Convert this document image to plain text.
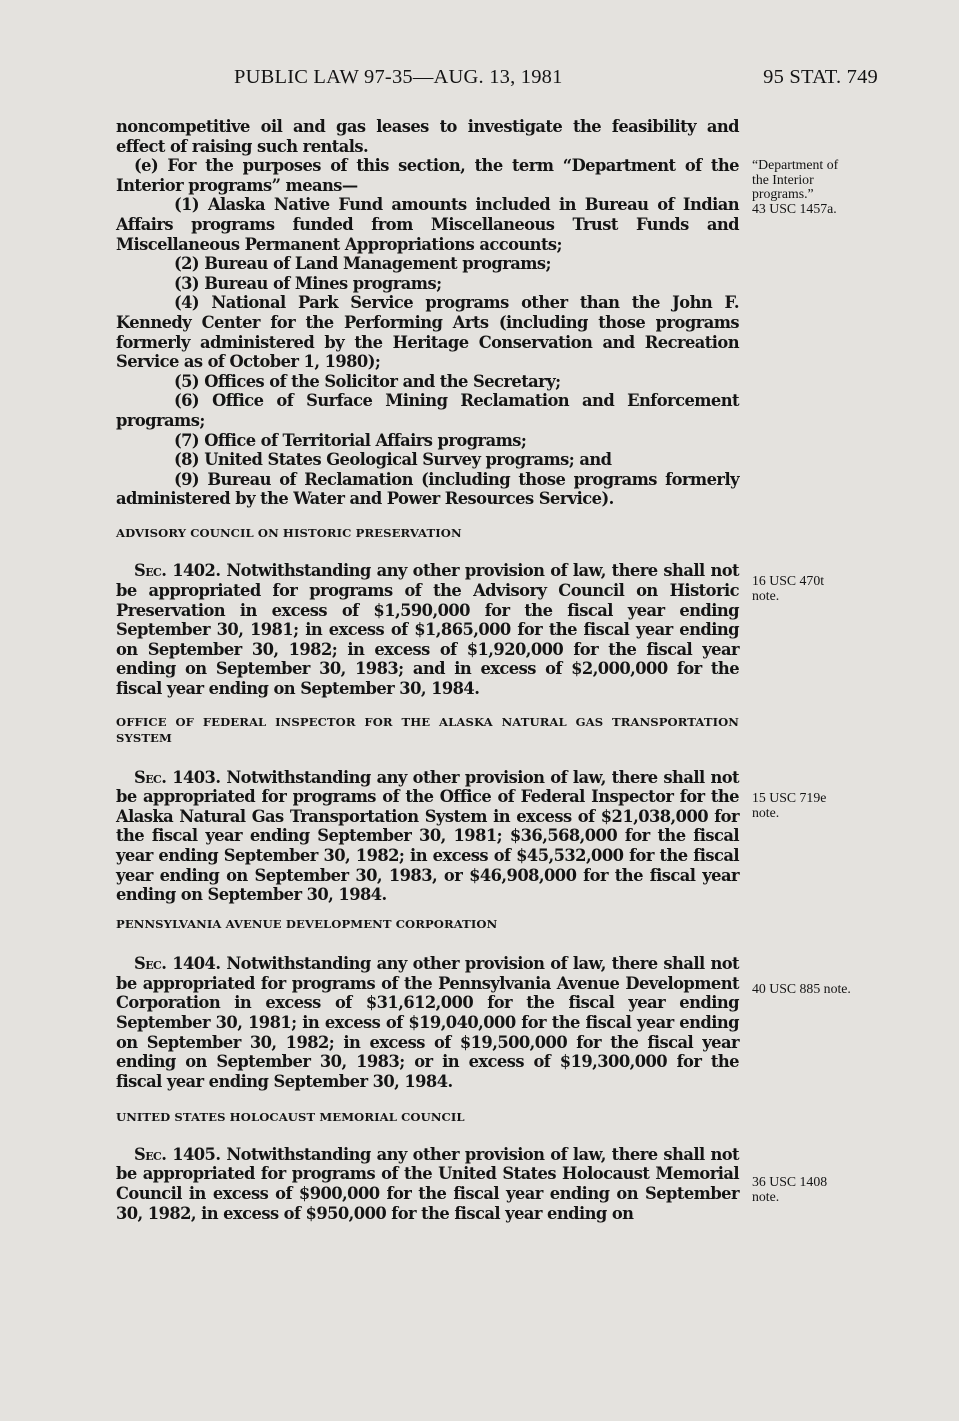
PUBLIC LAW 97-35—AUG. 13, 1981	95 STAT. 749

noncompetitive oil and gas leases to investigate the feasibility and effect of raising such rentals.

(e) For the purposes of this section, the term “Department of the Interior programs” means—

(1) Alaska Native Fund amounts included in Bureau of Indian Affairs programs funded from Miscellaneous Trust Funds and Miscellaneous Permanent Appropriations accounts;

(2) Bureau of Land Management programs;

(3) Bureau of Mines programs;

(4) National Park Service programs other than the John F. Kennedy Center for the Performing Arts (including those programs formerly administered by the Heritage Conservation and Recreation Service as of October 1, 1980);

(5) Offices of the Solicitor and the Secretary;

(6) Office of Surface Mining Reclamation and Enforcement programs;

(7) Office of Territorial Affairs programs;

(8) United States Geological Survey programs; and

(9) Bureau of Reclamation (including those programs formerly administered by the Water and Power Resources Service).

ADVISORY COUNCIL ON HISTORIC PRESERVATION

Sec. 1402. Notwithstanding any other provision of law, there shall not be appropriated for programs of the Advisory Council on Historic Preservation in excess of $1,590,000 for the fiscal year ending September 30, 1981; in excess of $1,865,000 for the fiscal year ending on September 30, 1982; in excess of $1,920,000 for the fiscal year ending on September 30, 1983; and in excess of $2,000,000 for the fiscal year ending on September 30, 1984.

OFFICE OF FEDERAL INSPECTOR FOR THE ALASKA NATURAL GAS TRANSPORTATION SYSTEM

Sec. 1403. Notwithstanding any other provision of law, there shall not be appropriated for programs of the Office of Federal Inspector for the Alaska Natural Gas Transportation System in excess of $21,038,000 for the fiscal year ending September 30, 1981; $36,568,000 for the fiscal year ending September 30, 1982; in excess of $45,532,000 for the fiscal year ending on September 30, 1983, or $46,908,000 for the fiscal year ending on September 30, 1984.

PENNSYLVANIA AVENUE DEVELOPMENT CORPORATION

Sec. 1404. Notwithstanding any other provision of law, there shall not be appropriated for programs of the Pennsylvania Avenue Development Corporation in excess of $31,612,000 for the fiscal year ending September 30, 1981; in excess of $19,040,000 for the fiscal year ending on September 30, 1982; in excess of $19,500,000 for the fiscal year ending on September 30, 1983; or in excess of $19,300,000 for the fiscal year ending September 30, 1984.

UNITED STATES HOLOCAUST MEMORIAL COUNCIL

Sec. 1405. Notwithstanding any other provision of law, there shall not be appropriated for programs of the United States Holocaust Memorial Council in excess of $900,000 for the fiscal year ending on September 30, 1982, in excess of $950,000 for the fiscal year ending on

“Department of
the Interior
programs.”
43 USC 1457a.
16 USC 470t
note.
15 USC 719e
note.
40 USC 885 note.
36 USC 1408
note.
